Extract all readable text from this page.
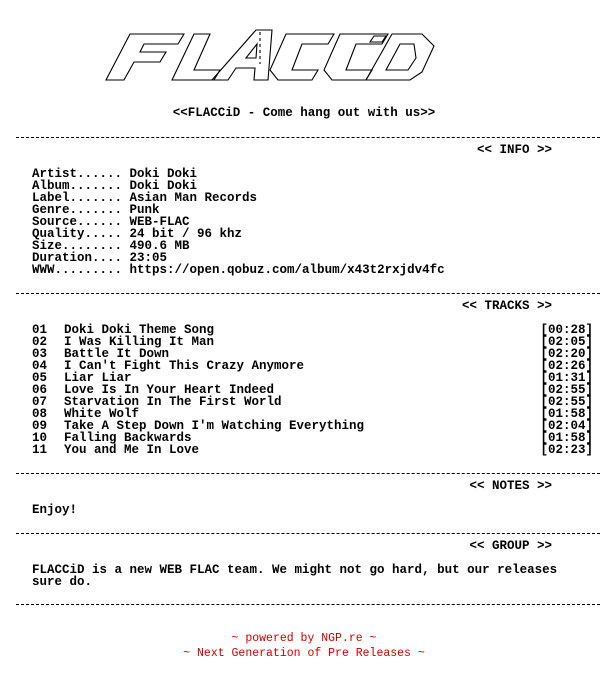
<<FLACCiD - Come hang out with us>>
<< INFO >>
Artist...... Doki Doki
Album....... Doki Doki
Label....... Asian Man Records
Genre....... Punk
Source...... WEB-FLAC
Quality..... 24 bit / 96 khz
Size........ 490.6 MB
Duration.... 23:05
WWW......... https://open.qobuz.com/album/x43t2rxjdv4fc
<< TRACKS >>
01 Doki Doki Theme Song	[00:28]
02 I Was Killing It Man	[02:05]
03 Battle It Down	[02:20]
04 I Can't Fight This Crazy Anymore	[02:26]
05 Liar Liar	[01:31]
06 Love Is In Your Heart Indeed	[02:55]
07 Starvation In The First World	[02:55]
08 White Wolf	[01:58]
09 Take A Step Down I'm Watching Everything	[02:04]
10 Falling Backwards	[01:58]
11 You and Me In Love	[02:23]
<< NOTES >>
Enjoy!
<< GROUP >>
FLACCiD is a new WEB FLAC team. We might not go hard, but our releases
sure do.
~ powered by NGP.re ~
~ Next Generation of Pre Releases ~
